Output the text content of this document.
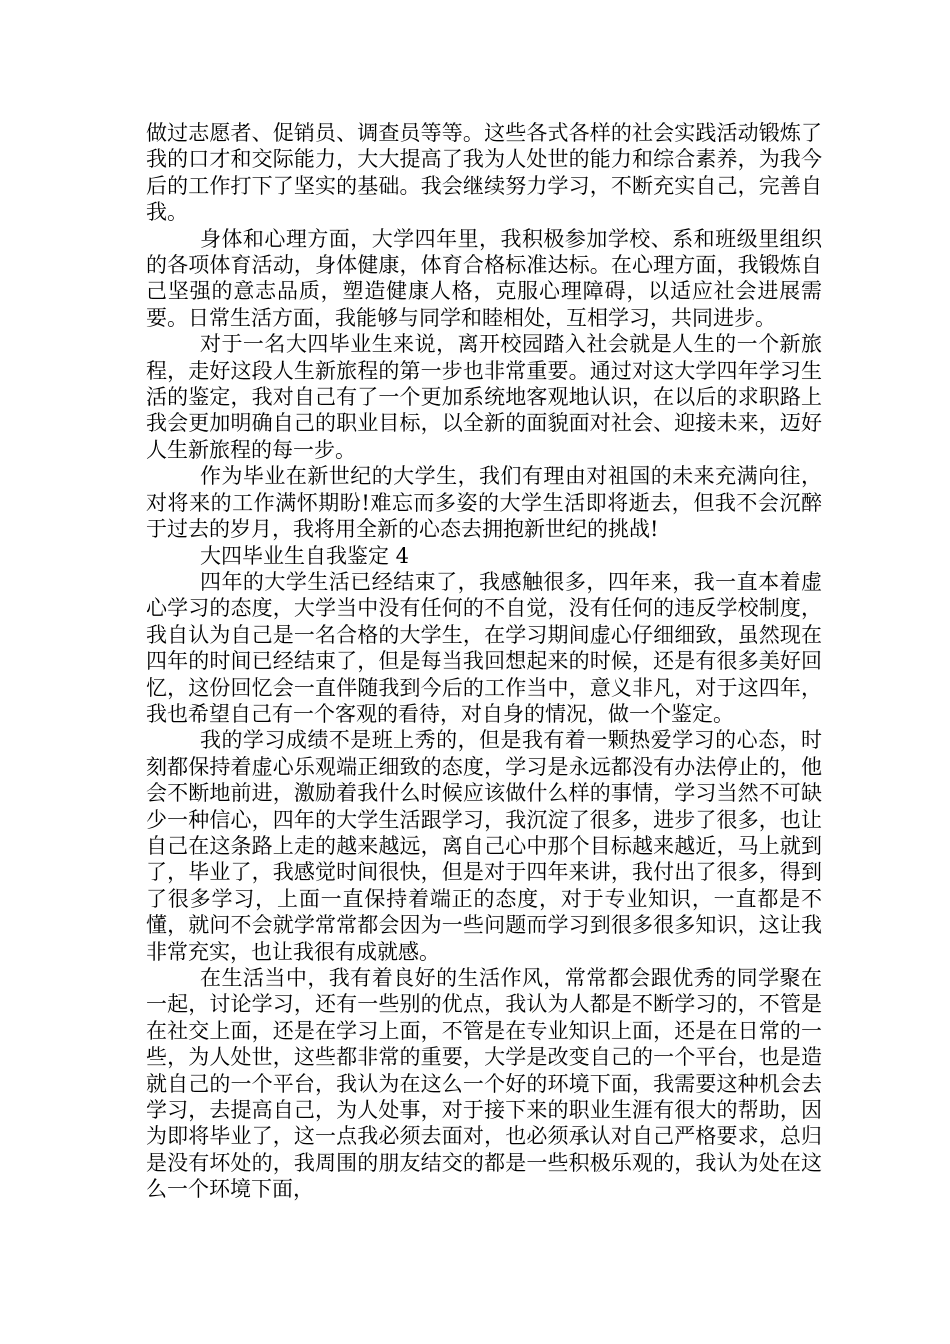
做过志愿者、促销员、调查员等等。这些各式各样的社会实践活动锻炼了我的口才和交际能力，大大提高了我为人处世的能力和综合素养，为我今后的工作打下了坚实的基础。我会继续努力学习，不断充实自己，完善自我。

身体和心理方面，大学四年里，我积极参加学校、系和班级里组织的各项体育活动，身体健康，体育合格标准达标。在心理方面，我锻炼自己坚强的意志品质，塑造健康人格，克服心理障碍，以适应社会进展需要。日常生活方面，我能够与同学和睦相处，互相学习，共同进步。

对于一名大四毕业生来说，离开校园踏入社会就是人生的一个新旅程，走好这段人生新旅程的第一步也非常重要。通过对这大学四年学习生活的鉴定，我对自己有了一个更加系统地客观地认识，在以后的求职路上我会更加明确自己的职业目标，以全新的面貌面对社会、迎接未来，迈好人生新旅程的每一步。

作为毕业在新世纪的大学生，我们有理由对祖国的未来充满向往，对将来的工作满怀期盼!难忘而多姿的大学生活即将逝去，但我不会沉醉于过去的岁月，我将用全新的心态去拥抱新世纪的挑战!

大四毕业生自我鉴定 4

四年的大学生活已经结束了，我感触很多，四年来，我一直本着虚心学习的态度，大学当中没有任何的不自觉，没有任何的违反学校制度，我自认为自己是一名合格的大学生，在学习期间虚心仔细细致，虽然现在四年的时间已经结束了，但是每当我回想起来的时候，还是有很多美好回忆，这份回忆会一直伴随我到今后的工作当中，意义非凡，对于这四年，我也希望自己有一个客观的看待，对自身的情况，做一个鉴定。

我的学习成绩不是班上秀的，但是我有着一颗热爱学习的心态，时刻都保持着虚心乐观端正细致的态度，学习是永远都没有办法停止的，他会不断地前进，激励着我什么时候应该做什么样的事情，学习当然不可缺少一种信心，四年的大学生活跟学习，我沉淀了很多，进步了很多，也让自己在这条路上走的越来越远，离自己心中那个目标越来越近，马上就到了，毕业了，我感觉时间很快，但是对于四年来讲，我付出了很多，得到了很多学习，上面一直保持着端正的态度，对于专业知识，一直都是不懂，就问不会就学常常都会因为一些问题而学习到很多很多知识，这让我非常充实，也让我很有成就感。

在生活当中，我有着良好的生活作风，常常都会跟优秀的同学聚在一起，讨论学习，还有一些别的优点，我认为人都是不断学习的，不管是在社交上面，还是在学习上面，不管是在专业知识上面，还是在日常的一些，为人处世，这些都非常的重要，大学是改变自己的一个平台，也是造就自己的一个平台，我认为在这么一个好的环境下面，我需要这种机会去学习，去提高自己，为人处事，对于接下来的职业生涯有很大的帮助，因为即将毕业了，这一点我必须去面对，也必须承认对自己严格要求，总归是没有坏处的，我周围的朋友结交的都是一些积极乐观的，我认为处在这么一个环境下面，
